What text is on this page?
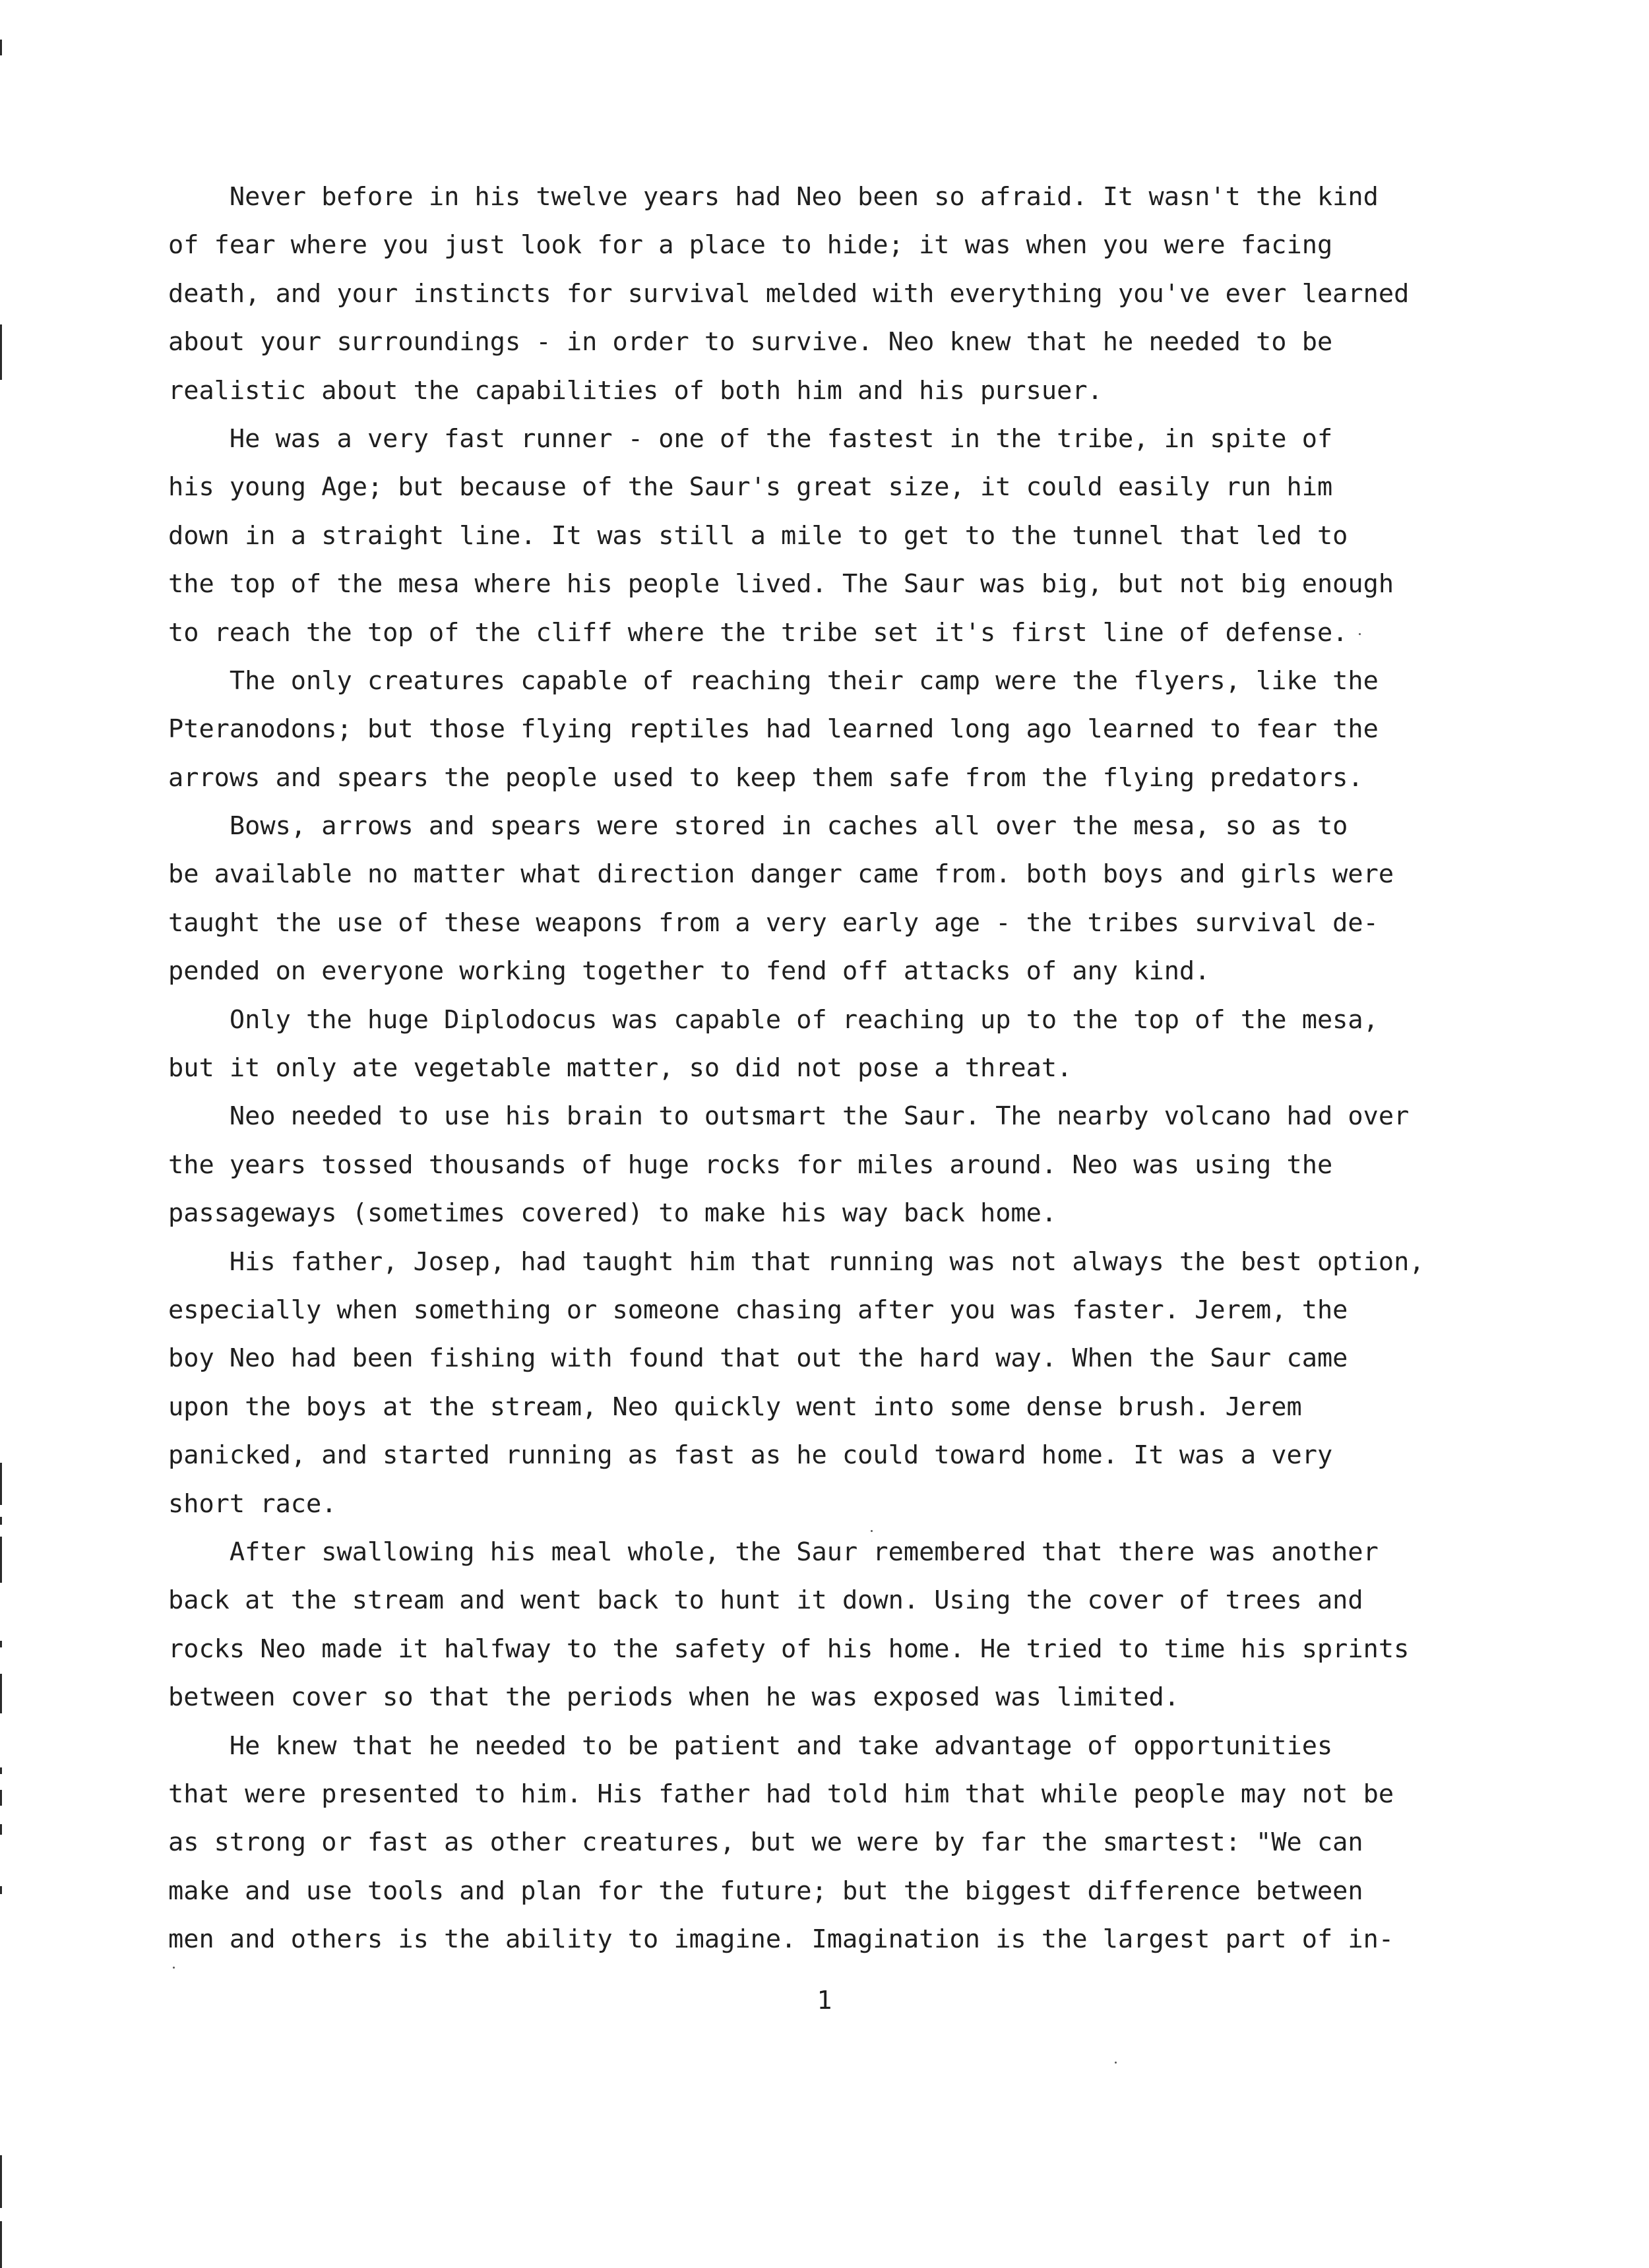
Never before in his twelve years had Neo been so afraid. It wasn't the kind
of fear where you just look for a place to hide; it was when you were facing
death, and your instincts for survival melded with everything you've ever learned
about your surroundings - in order to survive. Neo knew that he needed to be
realistic about the capabilities of both him and his pursuer.
He was a very fast runner - one of the fastest in the tribe, in spite of
his young Age; but because of the Saur's great size, it could easily run him
down in a straight line. It was still a mile to get to the tunnel that led to
the top of the mesa where his people lived. The Saur was big, but not big enough
to reach the top of the cliff where the tribe set it's first line of defense.
The only creatures capable of reaching their camp were the flyers, like the
Pteranodons; but those flying reptiles had learned long ago learned to fear the
arrows and spears the people used to keep them safe from the flying predators.
Bows, arrows and spears were stored in caches all over the mesa, so as to
be available no matter what direction danger came from. both boys and girls were
taught the use of these weapons from a very early age - the tribes survival de-
pended on everyone working together to fend off attacks of any kind.
Only the huge Diplodocus was capable of reaching up to the top of the mesa,
but it only ate vegetable matter, so did not pose a threat.
Neo needed to use his brain to outsmart the Saur. The nearby volcano had over
the years tossed thousands of huge rocks for miles around. Neo was using the
passageways (sometimes covered) to make his way back home.
His father, Josep, had taught him that running was not always the best option,
especially when something or someone chasing after you was faster. Jerem, the
boy Neo had been fishing with found that out the hard way. When the Saur came
upon the boys at the stream, Neo quickly went into some dense brush. Jerem
panicked, and started running as fast as he could toward home. It was a very
short race.
After swallowing his meal whole, the Saur remembered that there was another
back at the stream and went back to hunt it down. Using the cover of trees and
rocks Neo made it halfway to the safety of his home. He tried to time his sprints
between cover so that the periods when he was exposed was limited.
He knew that he needed to be patient and take advantage of opportunities
that were presented to him. His father had told him that while people may not be
as strong or fast as other creatures, but we were by far the smartest: "We can
make and use tools and plan for the future; but the biggest difference between
men and others is the ability to imagine. Imagination is the largest part of in-
1
